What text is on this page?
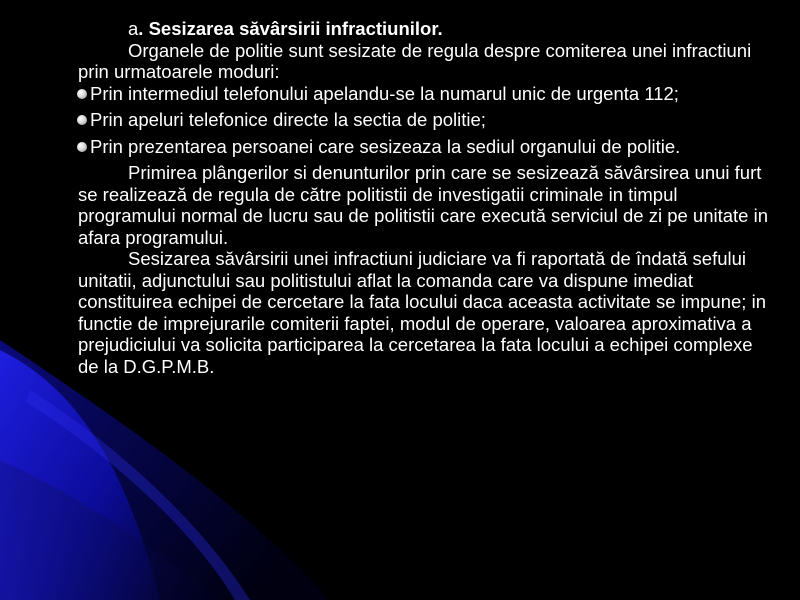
a. Sesizarea săvârsirii infractiunilor.

Organele de politie sunt sesizate de regula despre comiterea unei infractiuni prin urmatoarele moduri:

Prin intermediul telefonului apelandu-se la numarul unic de urgenta 112;
Prin apeluri telefonice directe la sectia de politie;
Prin prezentarea persoanei care sesizeaza la sediul organului de politie.

Primirea plângerilor si denunturilor prin care se sesizează săvârsirea unui furt se realizează de regula de către politistii de investigatii criminale in timpul programului normal de lucru sau de politistii care execută serviciul de zi pe unitate in afara programului.

Sesizarea săvârsirii unei infractiuni judiciare va fi raportată de îndată sefului unitatii, adjunctului sau politistului aflat la comanda care va dispune imediat constituirea echipei de cercetare la fata locului daca aceasta activitate se impune; in functie de imprejurarile comiterii faptei, modul de operare, valoarea aproximativa a prejudiciului va solicita participarea la cercetarea la fata locului a echipei complexe de la D.G.P.M.B.
